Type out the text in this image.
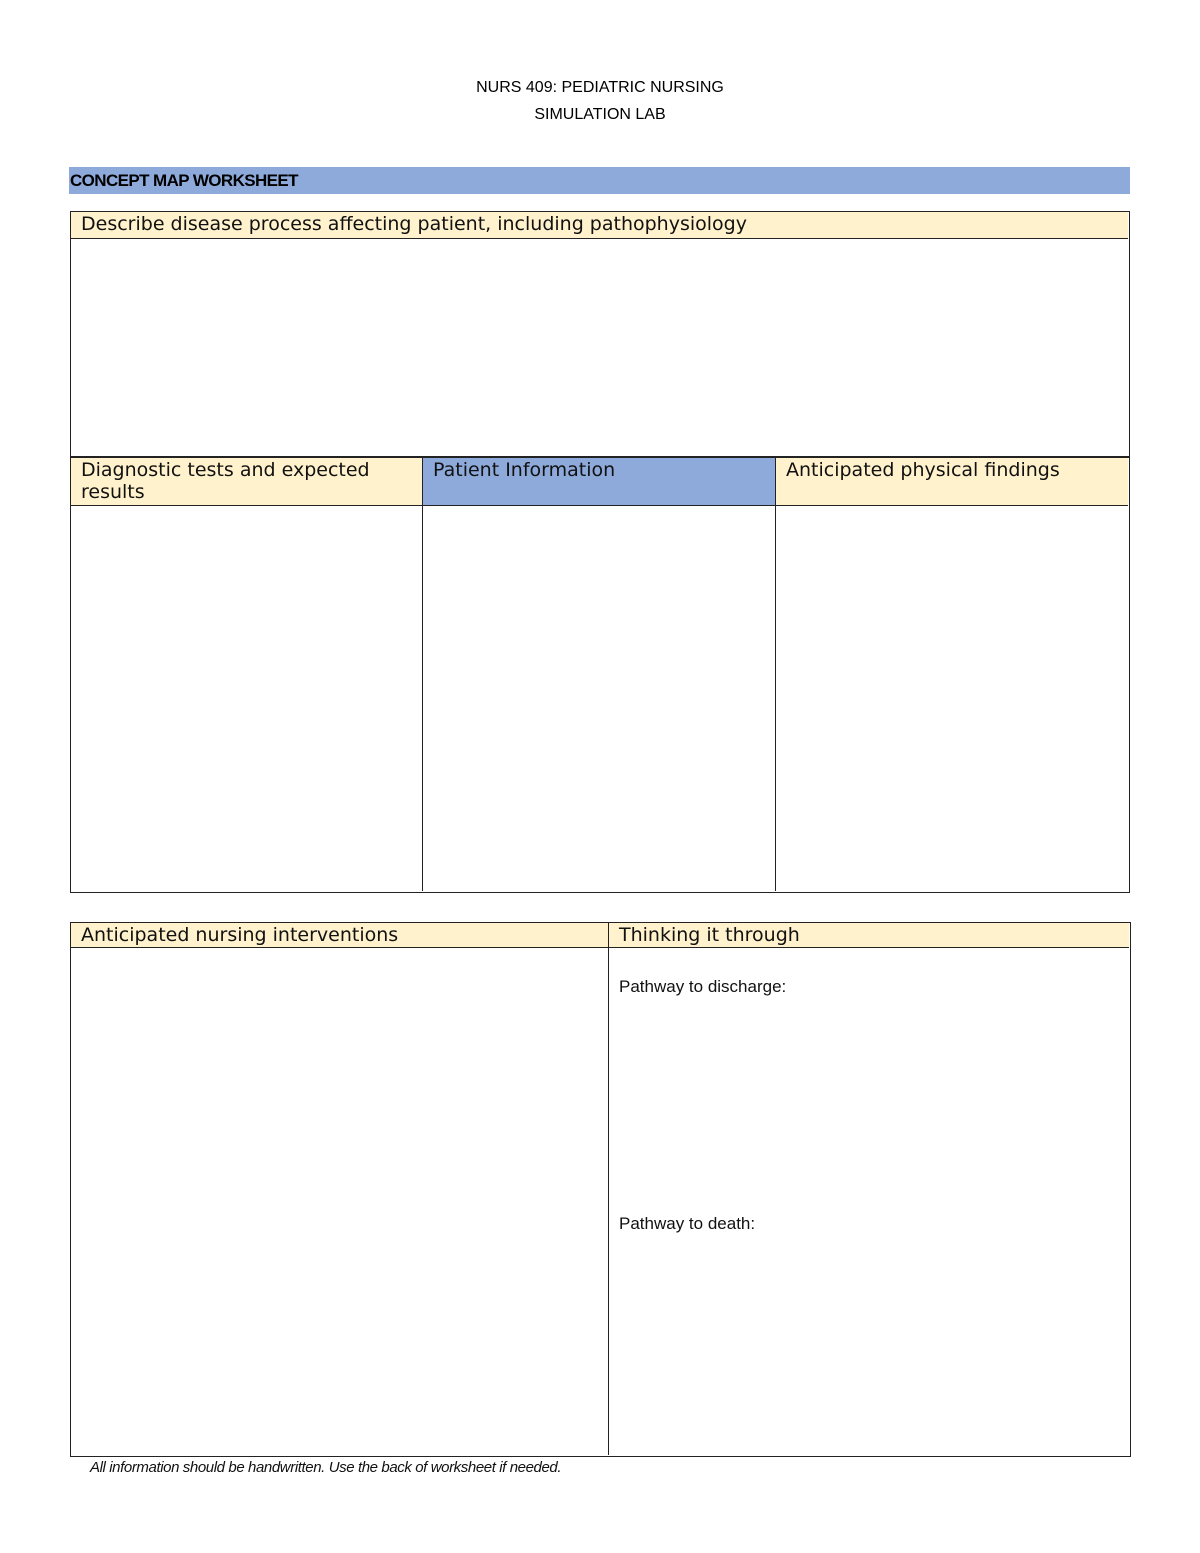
NURS 409: PEDIATRIC NURSING
SIMULATION LAB
CONCEPT MAP WORKSHEET
Describe disease process affecting patient, including pathophysiology
Diagnostic tests and expected results
Patient Information	Anticipated physical findings
Anticipated nursing interventions	Thinking it through
Pathway to discharge:
Pathway to death:
All information should be handwritten. Use the back of worksheet if needed.
